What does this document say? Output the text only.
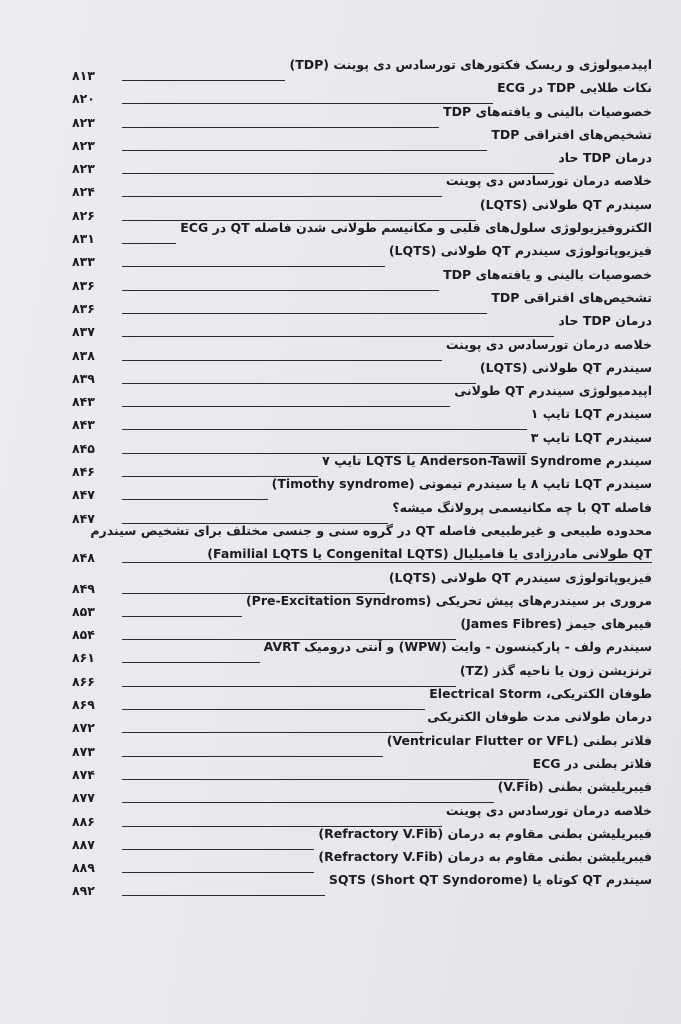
اپیدمیولوژی و ریسک فکتورهای تورسادس دی پوینت (TDP)
۸۱۳
نکات طلایی TDP در ECG
۸۲۰
خصوصیات بالینی و یافته‌های TDP
۸۲۳
تشخیص‌های افتراقی TDP
۸۲۳
درمان TDP حاد
۸۲۳
خلاصه درمان تورسادس دی پوینت
۸۲۴
سیندرم QT طولانی (LQTS)
۸۲۶
الکتروفیزیولوژی سلول‌های قلبی و مکانیسم طولانی شدن فاصله QT در ECG
۸۳۱
فیزیوپاتولوژی سیندرم QT طولانی (LQTS)
۸۳۳
خصوصیات بالینی و یافته‌های TDP
۸۳۶
تشخیص‌های افتراقی TDP
۸۳۶
درمان TDP حاد
۸۳۷
خلاصه درمان تورسادس دی پوینت
۸۳۸
سیندرم QT طولانی (LQTS)
۸۳۹
اپیدمیولوژی سیندرم QT طولانی
۸۴۳
سیندرم LQT تایپ ۱
۸۴۳
سیندرم LQT تایپ ۳
۸۴۵
سیندرم Anderson-Tawil Syndrome یا LQTS تایپ ۷
۸۴۶
سیندرم LQT تایپ ۸ یا سیندرم تیموتی (Timothy syndrome)
۸۴۷
فاصله QT با چه مکانیسمی پرولانگ میشه؟
۸۴۷
محدوده طبیعی و غیرطبیعی فاصله QT در گروه سنی و جنسی مختلف برای تشخیص سیندرم QT طولانی مادرزادی یا فامیلیال (Congenital LQTS یا Familial LQTS)
۸۴۸
فیزیوپاتولوژی سیندرم QT طولانی (LQTS)
۸۴۹
مروری بر سیندرم‌های پیش تحریکی (Pre-Excitation Syndroms)
۸۵۳
فیبرهای جیمز (James Fibres)
۸۵۴
سیندرم ولف - پارکینسون - وایت (WPW) و آنتی درومیک AVRT
۸۶۱
ترنزیشن زون یا ناحیه گذر (TZ)
۸۶۶
طوفان الکتریکی، Electrical Storm
۸۶۹
درمان طولانی مدت طوفان الکتریکی
۸۷۲
فلاتر بطنی (Ventricular Flutter or VFL)
۸۷۳
فلاتر بطنی در ECG
۸۷۴
فیبریلیشن بطنی (V.Fib)
۸۷۷
خلاصه درمان تورسادس دی پوینت
۸۸۶
فیبریلیشن بطنی مقاوم به درمان (Refractory V.Fib)
۸۸۷
فیبریلیشن بطنی مقاوم به درمان (Refractory V.Fib)
۸۸۹
سیندرم QT کوتاه یا SQTS (Short QT Syndorome)
۸۹۲
